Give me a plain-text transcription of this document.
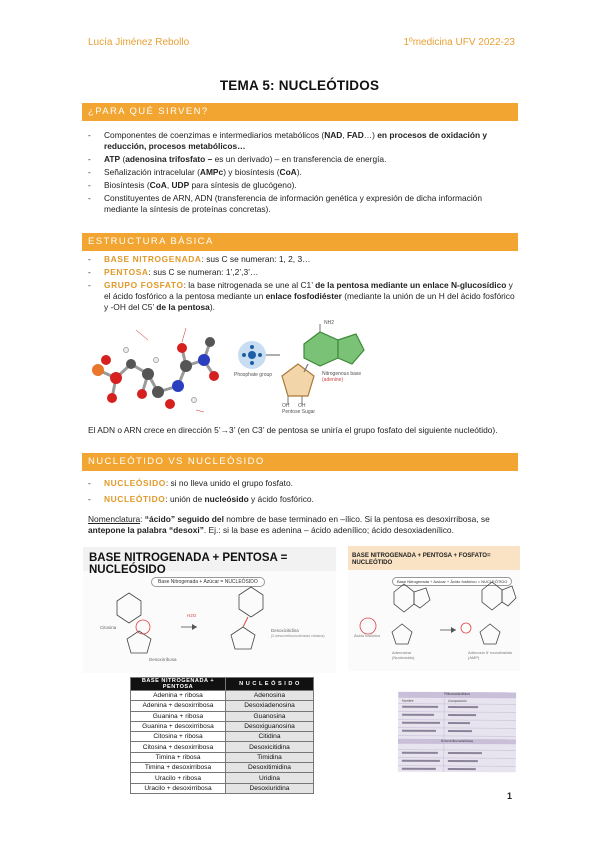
Lucía Jiménez Rebollo	1ºmedicina UFV 2022-23
TEMA 5: NUCLEÓTIDOS
¿PARA QUÉ SIRVEN?
- Componentes de coenzimas e intermediarios metabólicos (NAD, FAD…) en procesos de oxidación y reducción, procesos metabólicos…
- ATP (adenosina trifosfato – es un derivado) – en transferencia de energía.
- Señalización intracelular (AMPc) y biosíntesis (CoA).
- Biosíntesis (CoA, UDP para síntesis de glucógeno).
- Constituyentes de ARN, ADN (transferencia de información genética y expresión de dicha información mediante la síntesis de proteínas concretas).
ESTRUCTURA BÁSICA
- BASE NITROGENADA: sus C se numeran: 1, 2, 3…
- PENTOSA: sus C se numeran: 1’,2’,3’…
- GRUPO FOSFATO: la base nitrogenada se une al C1’ de la pentosa mediante un enlace N-glucosídico y el ácido fosfórico a la pentosa mediante un enlace fosfodiéster (mediante la unión de un H del ácido fosfórico y -OH del C5’ de la pentosa).
Phosphate group	Nitrogenous base
(adenine)
Pentose Sugar
OH
NH2
OH
El ADN o ARN crece en dirección 5’→3’ (en C3’ de pentosa se uniría el grupo fosfato del siguiente nucleótido).
NUCLEÓTIDO VS NUCLEÓSIDO
- NUCLEÓSIDO: si no lleva unido el grupo fosfato.
- NUCLEÓTIDO: unión de nucleósido y ácido fosfórico.
Nomenclatura: “ácido” seguido del nombre de base terminado en –ílico. Si la pentosa es desoxirribosa, se antepone la palabra “desoxi”. Ej.: si la base es adenina – ácido adenílico; ácido desoxiadenílico.
BASE NITROGENADA + PENTOSA = NUCLEÓSIDO
Base Nitrogenada + Azúcar = NUCLEÓSIDO
Citosina
Desoxirribosa
H2O
Desoxicitidina
(2-desoxirribonucleósido citosina)
BASE NITROGENADA + PENTOSA + FOSFATO= NUCLEÓTIDO
Base Nitrogenada + Azúcar + Ácido fosfórico = NUCLEÓTIDO
Ácido fosfórico
Adenosina
(Nucleósido)
Adenosín 5’ monofosfato
(AMP)
BASE NITROGENADA + PENTOSA	N U C L E Ó S I D O
Adenina + ribosa	Adenosina
Adenina + desoxirribosa	Desoxiadenosina
Guanina + ribosa	Guanosina
Guanina + desoxirribosa	Desoxiguanosina
Citosina + ribosa	Citidina
Citosina + desoxirribosa	Desoxicitidina
Timina + ribosa	Timidina
Timina + desoxirribosa	Desoxitimidina
Uracilo + ribosa	Uridina
Uracilo + desoxirribosa	Desoxiuridina
Ribonucleótidos
Nombre	Composición
Desoxirribonucleótidos
1
